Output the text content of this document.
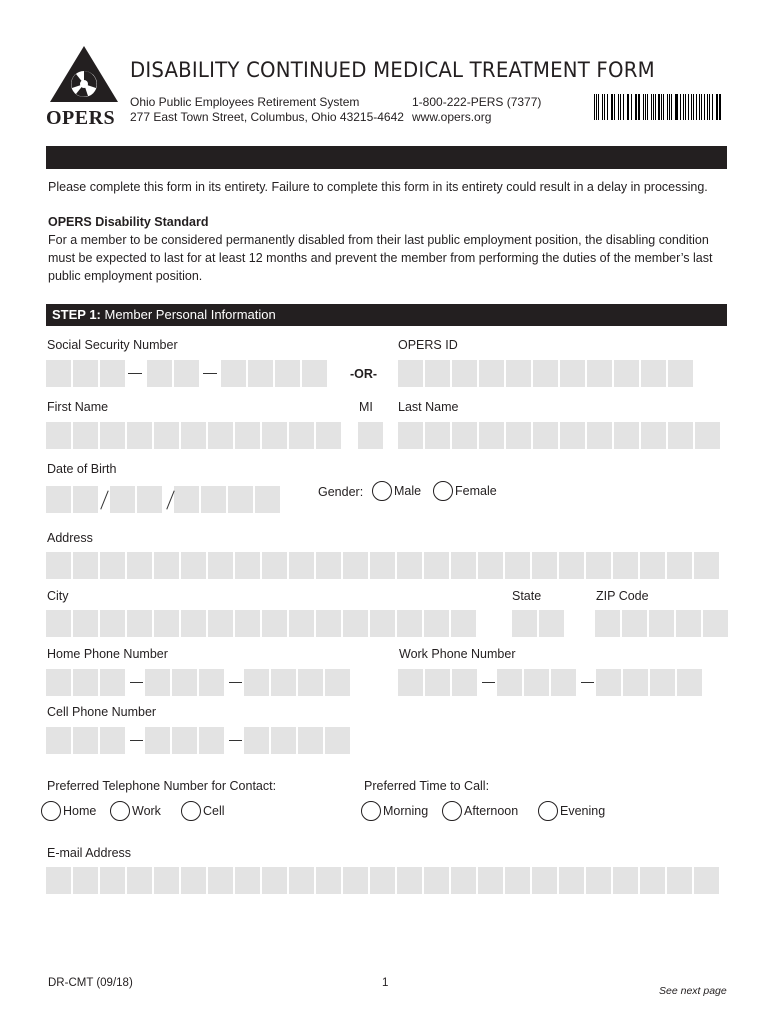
OPERS
DISABILITY CONTINUED MEDICAL TREATMENT FORM
Ohio Public Employees Retirement System
277 East Town Street, Columbus, Ohio 43215-4642
1-800-222-PERS (7377)
www.opers.org
Please complete this form in its entirety. Failure to complete this form in its entirety could result in a delay in processing.
OPERS Disability Standard
For a member to be considered permanently disabled from their last public employment position, the disabling condition must be expected to last for at least 12 months and prevent the member from performing the duties of the member’s last public employment position.
STEP 1: Member Personal Information
Social Security Number	OPERS ID
-OR-
First Name	MI Last Name
Date of Birth
Gender: Male	Female
Address
City	State	ZIP Code
Home Phone Number	Work Phone Number
Cell Phone Number
Preferred Telephone Number for Contact:	Preferred Time to Call:
Home	Work	Cell	Morning	Afternoon	Evening
E-mail Address
DR-CMT (09/18)	1
See next page
